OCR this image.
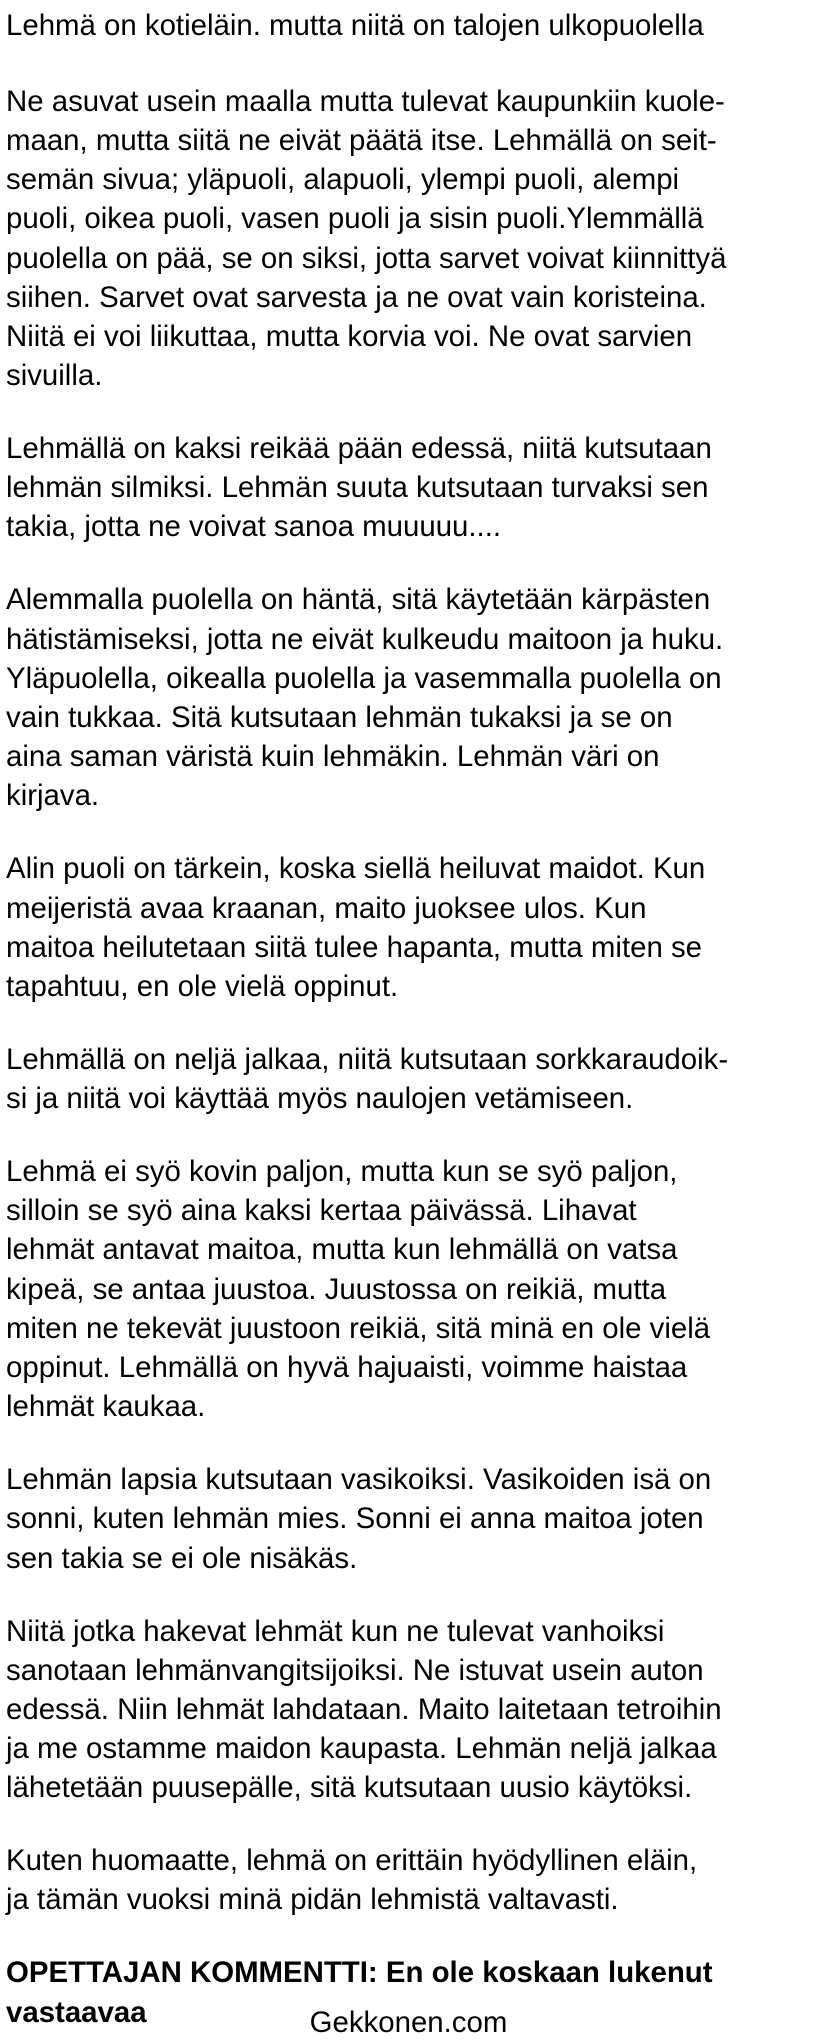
Lehmä on kotieläin. mutta niitä on talojen ulkopuolella
Ne asuvat usein maalla mutta tulevat kaupunkiin kuole-
maan, mutta siitä ne eivät päätä itse. Lehmällä on seit-
semän sivua; yläpuoli, alapuoli, ylempi puoli, alempi
puoli, oikea puoli, vasen puoli ja sisin puoli.Ylemmällä
puolella on pää, se on siksi, jotta sarvet voivat kiinnittyä
siihen. Sarvet ovat sarvesta ja ne ovat vain koristeina.
Niitä ei voi liikuttaa, mutta korvia voi. Ne ovat sarvien
sivuilla.
Lehmällä on kaksi reikää pään edessä, niitä kutsutaan
lehmän silmiksi. Lehmän suuta kutsutaan turvaksi sen
takia, jotta ne voivat sanoa muuuuu....
Alemmalla puolella on häntä, sitä käytetään kärpästen
hätistämiseksi, jotta ne eivät kulkeudu maitoon ja huku.
Yläpuolella, oikealla puolella ja vasemmalla puolella on
vain tukkaa. Sitä kutsutaan lehmän tukaksi ja se on
aina saman väristä kuin lehmäkin. Lehmän väri on
kirjava.
Alin puoli on tärkein, koska siellä heiluvat maidot. Kun
meijeristä avaa kraanan, maito juoksee ulos. Kun
maitoa heilutetaan siitä tulee hapanta, mutta miten se
tapahtuu, en ole vielä oppinut.
Lehmällä on neljä jalkaa, niitä kutsutaan sorkkaraudoik-
si ja niitä voi käyttää myös naulojen vetämiseen.
Lehmä ei syö kovin paljon, mutta kun se syö paljon,
silloin se syö aina kaksi kertaa päivässä. Lihavat
lehmät antavat maitoa, mutta kun lehmällä on vatsa
kipeä, se antaa juustoa. Juustossa on reikiä, mutta
miten ne tekevät juustoon reikiä, sitä minä en ole vielä
oppinut. Lehmällä on hyvä hajuaisti, voimme haistaa
lehmät kaukaa.
Lehmän lapsia kutsutaan vasikoiksi. Vasikoiden isä on
sonni, kuten lehmän mies. Sonni ei anna maitoa joten
sen takia se ei ole nisäkäs.
Niitä jotka hakevat lehmät kun ne tulevat vanhoiksi
sanotaan lehmänvangitsijoiksi. Ne istuvat usein auton
edessä. Niin lehmät lahdataan. Maito laitetaan tetroihin
ja me ostamme maidon kaupasta. Lehmän neljä jalkaa
lähetetään puusepälle, sitä kutsutaan uusio käytöksi.
Kuten huomaatte, lehmä on erittäin hyödyllinen eläin,
ja tämän vuoksi minä pidän lehmistä valtavasti.
OPETTAJAN KOMMENTTI: En ole koskaan lukenut
vastaavaa	Gekkonen.com
